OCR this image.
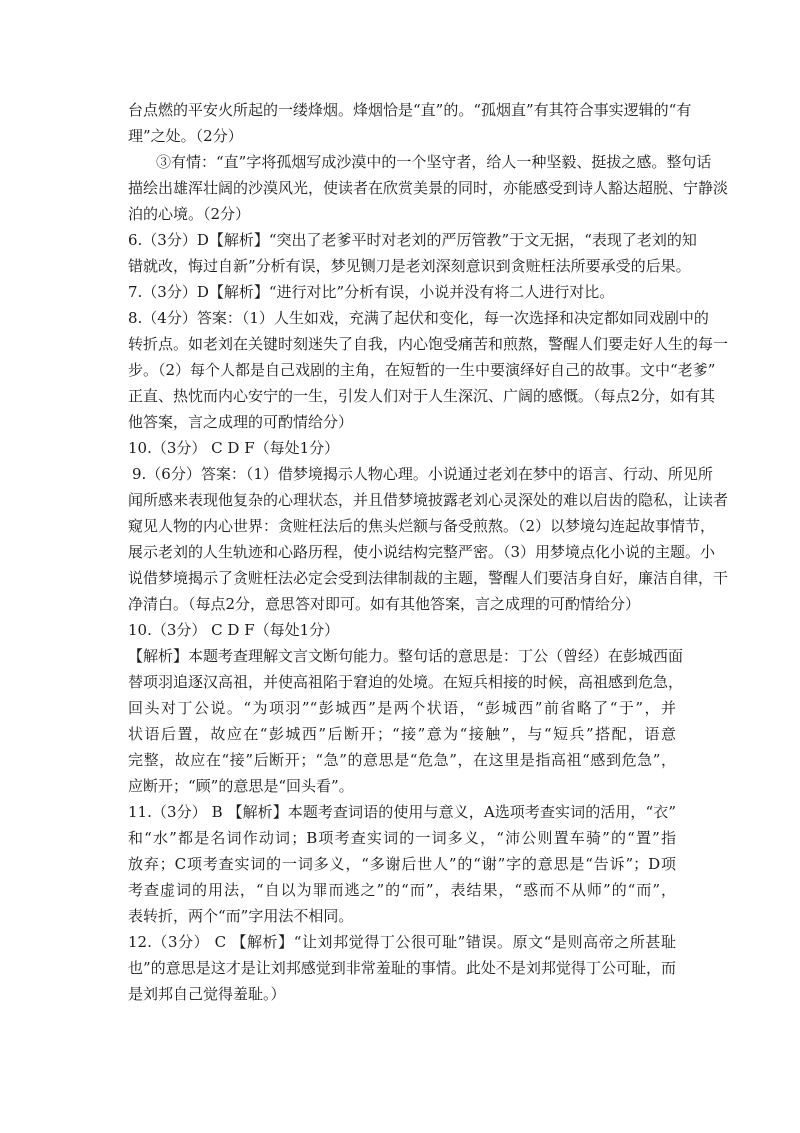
台点燃的平安火所起的一缕烽烟。烽烟恰是“直”的。“孤烟直”有其符合事实逻辑的“有
理”之处。（2分）
③有情：“直”字将孤烟写成沙漠中的一个坚守者，给人一种坚毅、挺拔之感。整句话
描绘出雄浑壮阔的沙漠风光，使读者在欣赏美景的同时，亦能感受到诗人豁达超脱、宁静淡
泊的心境。（2分）
6.（3分）D【解析】“突出了老爹平时对老刘的严厉管教”于文无据，“表现了老刘的知
错就改，悔过自新”分析有误，梦见铡刀是老刘深刻意识到贪赃枉法所要承受的后果。
7.（3分）D【解析】“进行对比”分析有误，小说并没有将二人进行对比。
8.（4分）答案：（1）人生如戏，充满了起伏和变化，每一次选择和决定都如同戏剧中的
转折点。如老刘在关键时刻迷失了自我，内心饱受痛苦和煎熬，警醒人们要走好人生的每一
步。（2）每个人都是自己戏剧的主角，在短暂的一生中要演绎好自己的故事。文中“老爹”
正直、热忱而内心安宁的一生，引发人们对于人生深沉、广阔的感慨。（每点2分，如有其
他答案，言之成理的可酌情给分）
10.（3分） C D F（每处1分）
9.（6分）答案：（1）借梦境揭示人物心理。小说通过老刘在梦中的语言、行动、所见所
闻所感来表现他复杂的心理状态，并且借梦境披露老刘心灵深处的难以启齿的隐私，让读者
窥见人物的内心世界：贪赃枉法后的焦头烂额与备受煎熬。（2）以梦境勾连起故事情节，
展示老刘的人生轨迹和心路历程，使小说结构完整严密。（3）用梦境点化小说的主题。小
说借梦境揭示了贪赃枉法必定会受到法律制裁的主题，警醒人们要洁身自好，廉洁自律，干
净清白。（每点2分，意思答对即可。如有其他答案，言之成理的可酌情给分）
10.（3分） C D F（每处1分）
【解析】本题考查理解文言文断句能力。整句话的意思是：丁公（曾经）在彭城西面
替项羽追逐汉高祖，并使高祖陷于窘迫的处境。在短兵相接的时候，高祖感到危急，
回头对丁公说。“为项羽”“彭城西”是两个状语，“彭城西”前省略了“于”，并
状语后置，故应在“彭城西”后断开；“接”意为“接触”，与“短兵”搭配，语意
完整，故应在“接”后断开；“急”的意思是“危急”，在这里是指高祖“感到危急”，
应断开；“顾”的意思是“回头看”。
11.（3分） B 【解析】本题考查词语的使用与意义，A选项考查实词的活用，“衣”
和“水”都是名词作动词；B项考查实词的一词多义，“沛公则置车骑”的“置”指
放弃；C项考查实词的一词多义，“多谢后世人”的“谢”字的意思是“告诉”；D项
考查虚词的用法，“自以为罪而逃之”的“而”，表结果，“惑而不从师”的“而”，
表转折，两个“而”字用法不相同。
12.（3分） C 【解析】“让刘邦觉得丁公很可耻”错误。原文“是则高帝之所甚耻
也”的意思是这才是让刘邦感觉到非常羞耻的事情。此处不是刘邦觉得丁公可耻，而
是刘邦自己觉得羞耻。）
